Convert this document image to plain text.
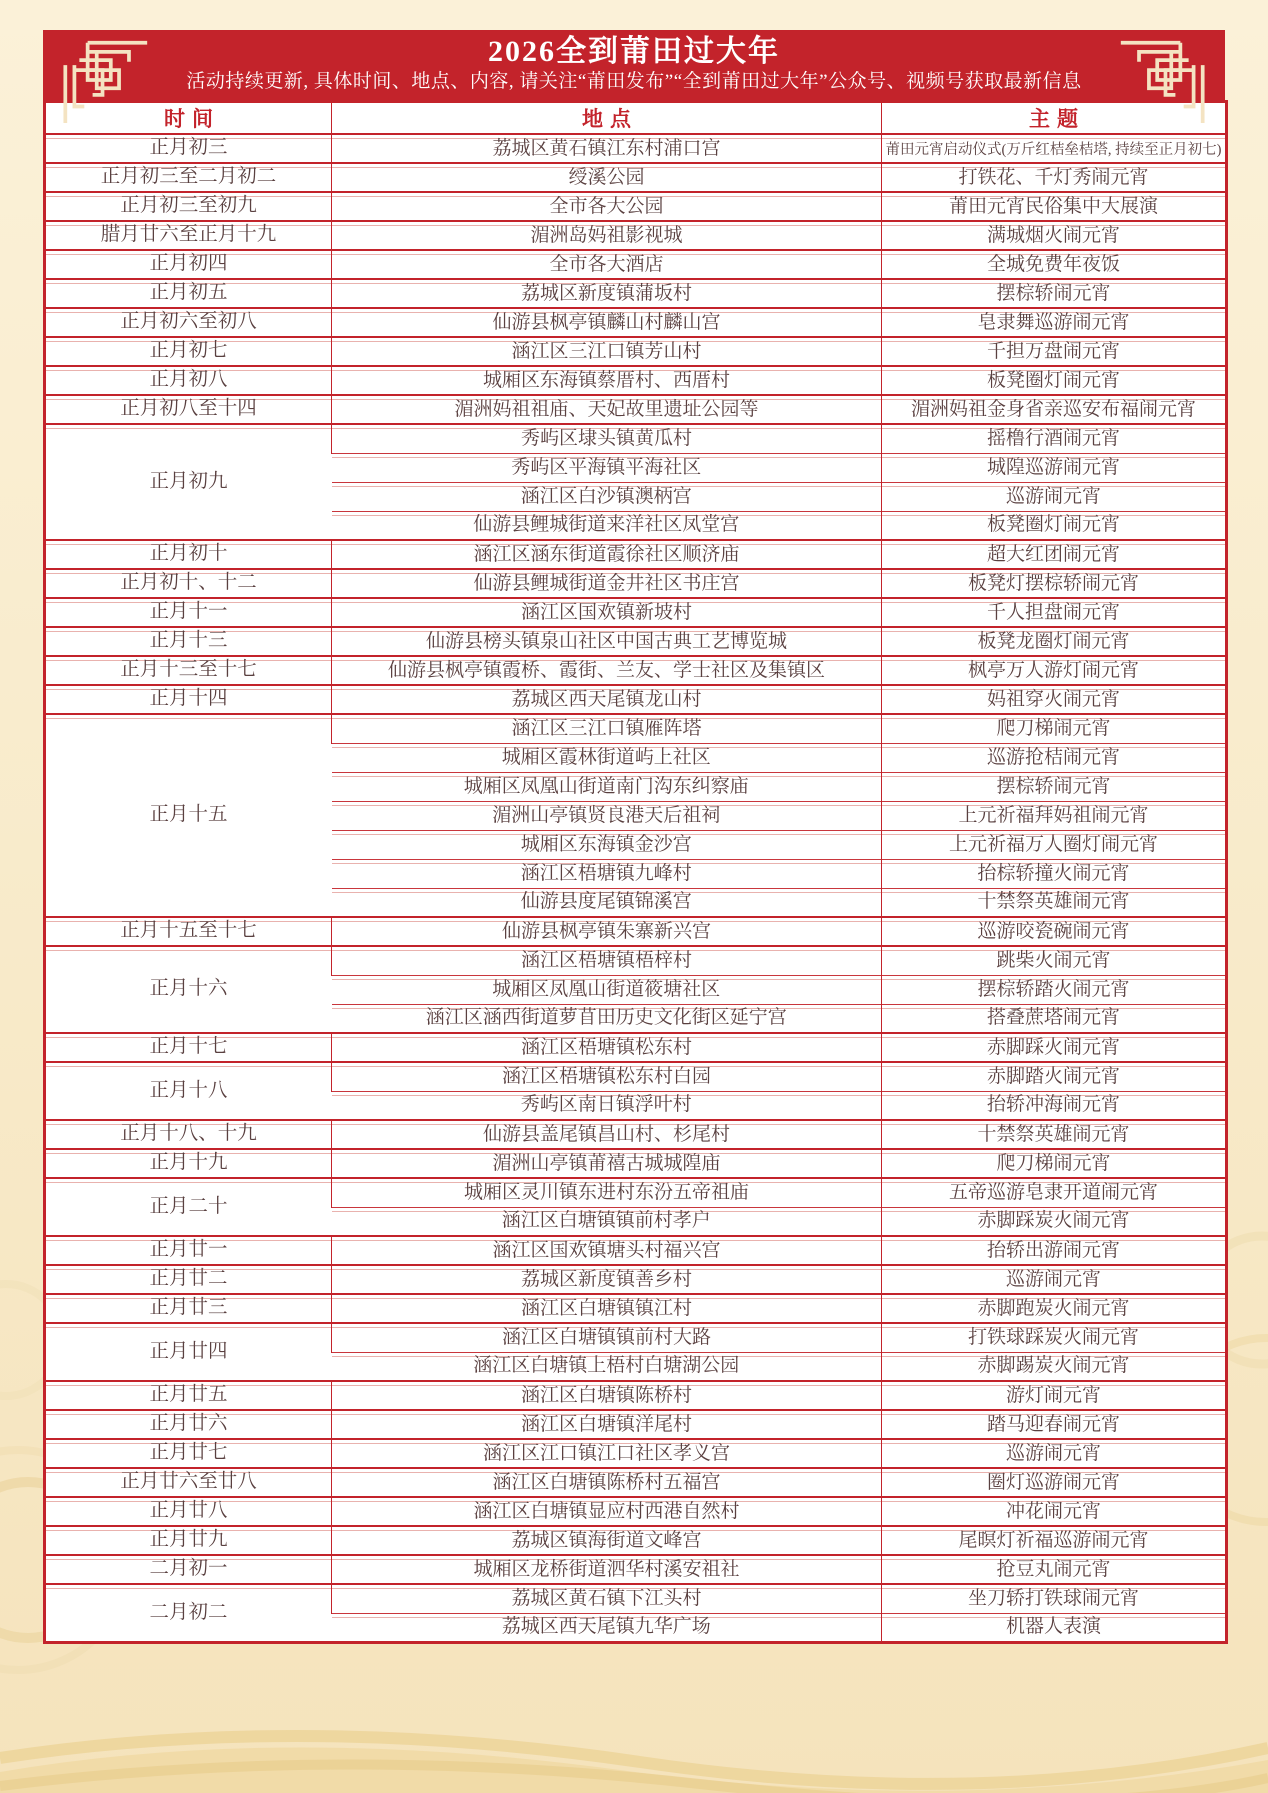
2026全到莆田过大年
活动持续更新, 具体时间、地点、内容, 请关注“莆田发布”“全到莆田过大年”公众号、视频号获取最新信息
时间	地点	主题
正月初三	荔城区黄石镇江东村浦口宫	莆田元宵启动仪式(万斤红桔垒桔塔, 持续至正月初七)
正月初三至二月初二	绶溪公园	打铁花、千灯秀闹元宵
正月初三至初九	全市各大公园	莆田元宵民俗集中大展演
腊月廿六至正月十九	湄洲岛妈祖影视城	满城烟火闹元宵
正月初四	全市各大酒店	全城免费年夜饭
正月初五	荔城区新度镇蒲坂村	摆棕轿闹元宵
正月初六至初八	仙游县枫亭镇麟山村麟山宫	皂隶舞巡游闹元宵
正月初七	涵江区三江口镇芳山村	千担万盘闹元宵
正月初八	城厢区东海镇蔡厝村、西厝村	板凳圈灯闹元宵
正月初八至十四	湄洲妈祖祖庙、天妃故里遗址公园等	湄洲妈祖金身省亲巡安布福闹元宵
正月初九	秀屿区埭头镇黄瓜村	摇橹行酒闹元宵
	秀屿区平海镇平海社区	城隍巡游闹元宵
	涵江区白沙镇澳柄宫	巡游闹元宵
	仙游县鲤城街道来洋社区凤堂宫	板凳圈灯闹元宵
正月初十	涵江区涵东街道霞徐社区顺济庙	超大红团闹元宵
正月初十、十二	仙游县鲤城街道金井社区书庄宫	板凳灯摆棕轿闹元宵
正月十一	涵江区国欢镇新坡村	千人担盘闹元宵
正月十三	仙游县榜头镇泉山社区中国古典工艺博览城	板凳龙圈灯闹元宵
正月十三至十七	仙游县枫亭镇霞桥、霞街、兰友、学士社区及集镇区	枫亭万人游灯闹元宵
正月十四	荔城区西天尾镇龙山村	妈祖穿火闹元宵
正月十五	涵江区三江口镇雁阵塔	爬刀梯闹元宵
	城厢区霞林街道屿上社区	巡游抢桔闹元宵
	城厢区凤凰山街道南门沟东纠察庙	摆棕轿闹元宵
	湄洲山亭镇贤良港天后祖祠	上元祈福拜妈祖闹元宵
	城厢区东海镇金沙宫	上元祈福万人圈灯闹元宵
	涵江区梧塘镇九峰村	抬棕轿撞火闹元宵
	仙游县度尾镇锦溪宫	十禁祭英雄闹元宵
正月十五至十七	仙游县枫亭镇朱寨新兴宫	巡游咬瓷碗闹元宵
正月十六	涵江区梧塘镇梧梓村	跳柴火闹元宵
	城厢区凤凰山街道筱塘社区	摆棕轿踏火闹元宵
	涵江区涵西街道萝苜田历史文化街区延宁宫	搭叠蔗塔闹元宵
正月十七	涵江区梧塘镇松东村	赤脚踩火闹元宵
正月十八	涵江区梧塘镇松东村白园	赤脚踏火闹元宵
	秀屿区南日镇浮叶村	抬轿冲海闹元宵
正月十八、十九	仙游县盖尾镇昌山村、杉尾村	十禁祭英雄闹元宵
正月十九	湄洲山亭镇莆禧古城城隍庙	爬刀梯闹元宵
正月二十	城厢区灵川镇东进村东汾五帝祖庙	五帝巡游皂隶开道闹元宵
	涵江区白塘镇镇前村孝户	赤脚踩炭火闹元宵
正月廿一	涵江区国欢镇塘头村福兴宫	抬轿出游闹元宵
正月廿二	荔城区新度镇善乡村	巡游闹元宵
正月廿三	涵江区白塘镇镇江村	赤脚跑炭火闹元宵
正月廿四	涵江区白塘镇镇前村大路	打铁球踩炭火闹元宵
	涵江区白塘镇上梧村白塘湖公园	赤脚踢炭火闹元宵
正月廿五	涵江区白塘镇陈桥村	游灯闹元宵
正月廿六	涵江区白塘镇洋尾村	踏马迎春闹元宵
正月廿七	涵江区江口镇江口社区孝义宫	巡游闹元宵
正月廿六至廿八	涵江区白塘镇陈桥村五福宫	圈灯巡游闹元宵
正月廿八	涵江区白塘镇显应村西港自然村	冲花闹元宵
正月廿九	荔城区镇海街道文峰宫	尾暝灯祈福巡游闹元宵
二月初一	城厢区龙桥街道泗华村溪安祖社	抢豆丸闹元宵
二月初二	荔城区黄石镇下江头村	坐刀轿打铁球闹元宵
	荔城区西天尾镇九华广场	机器人表演
